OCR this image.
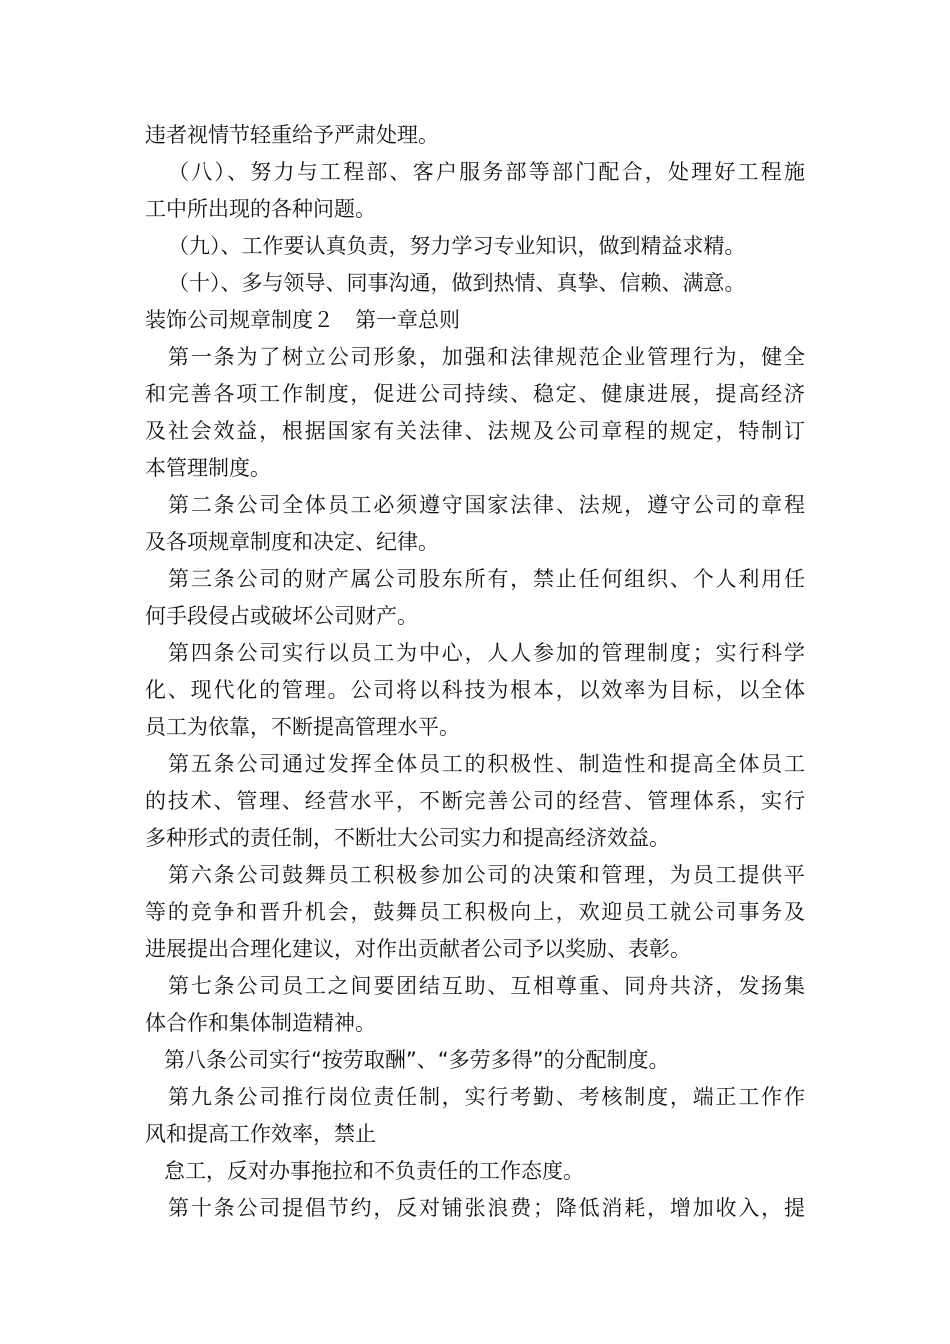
违者视情节轻重给予严肃处理。
（八）、努力与工程部、客户服务部等部门配合，处理好工程施
工中所出现的各种问题。
（九）、工作要认真负责，努力学习专业知识，做到精益求精。
（十）、多与领导、同事沟通，做到热情、真挚、信赖、满意。
装饰公司规章制度２　第一章总则
第一条为了树立公司形象，加强和法律规范企业管理行为，健全
和完善各项工作制度，促进公司持续、稳定、健康进展，提高经济
及社会效益，根据国家有关法律、法规及公司章程的规定，特制订
本管理制度。
第二条公司全体员工必须遵守国家法律、法规，遵守公司的章程
及各项规章制度和决定、纪律。
第三条公司的财产属公司股东所有，禁止任何组织、个人利用任
何手段侵占或破坏公司财产。
第四条公司实行以员工为中心，人人参加的管理制度；实行科学
化、现代化的管理。公司将以科技为根本，以效率为目标，以全体
员工为依靠，不断提高管理水平。
第五条公司通过发挥全体员工的积极性、制造性和提高全体员工
的技术、管理、经营水平，不断完善公司的经营、管理体系，实行
多种形式的责任制，不断壮大公司实力和提高经济效益。
第六条公司鼓舞员工积极参加公司的决策和管理，为员工提供平
等的竞争和晋升机会，鼓舞员工积极向上，欢迎员工就公司事务及
进展提出合理化建议，对作出贡献者公司予以奖励、表彰。
第七条公司员工之间要团结互助、互相尊重、同舟共济，发扬集
体合作和集体制造精神。
第八条公司实行“按劳取酬”、“多劳多得”的分配制度。
第九条公司推行岗位责任制，实行考勤、考核制度，端正工作作
风和提高工作效率，禁止
怠工，反对办事拖拉和不负责任的工作态度。
第十条公司提倡节约，反对铺张浪费；降低消耗，增加收入，提
